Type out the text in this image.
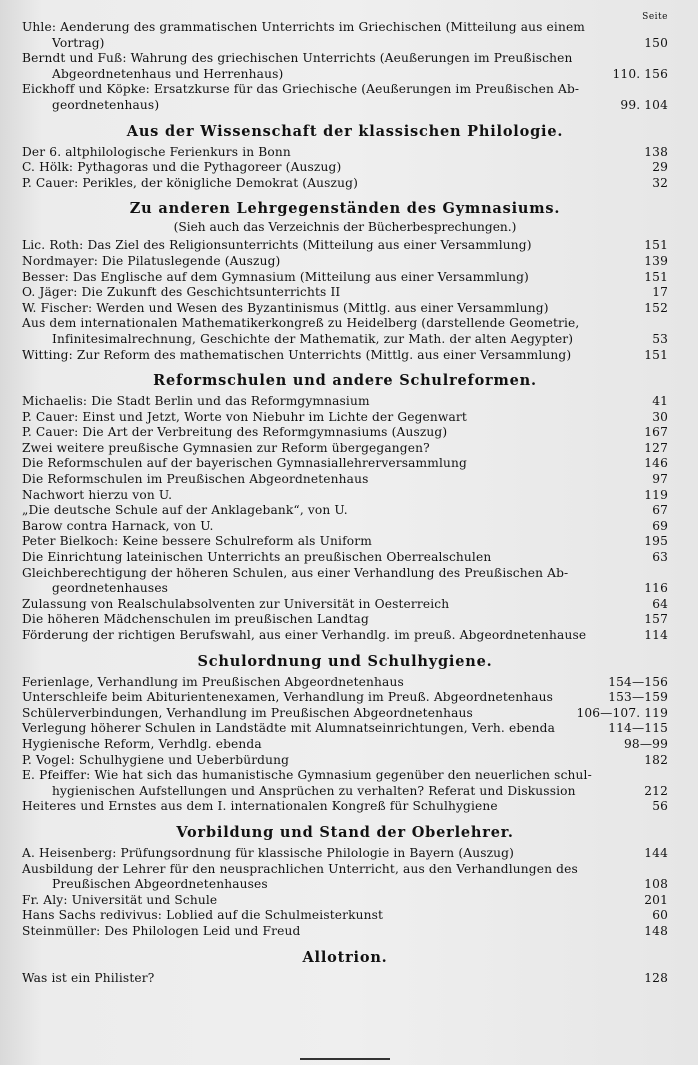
Seite
Uhle: Aenderung des grammatischen Unterrichts im Griechischen (Mitteilung aus einem
Vortrag)	150
Berndt und Fuß: Wahrung des griechischen Unterrichts (Aeußerungen im Preußischen
Abgeordnetenhaus und Herrenhaus)	110. 156
Eickhoff und Köpke: Ersatzkurse für das Griechische (Aeußerungen im Preußischen Ab-
geordnetenhaus)	99. 104
Aus der Wissenschaft der klassischen Philologie.
Der 6. altphilologische Ferienkurs in Bonn	138
C. Hölk: Pythagoras und die Pythagoreer (Auszug)	29
P. Cauer: Perikles, der königliche Demokrat (Auszug)	32
Zu anderen Lehrgegenständen des Gymnasiums.
(Sieh auch das Verzeichnis der Bücherbesprechungen.)
Lic. Roth: Das Ziel des Religionsunterrichts (Mitteilung aus einer Versammlung)	151
Nordmayer: Die Pilatuslegende (Auszug)	139
Besser: Das Englische auf dem Gymnasium (Mitteilung aus einer Versammlung)	151
O. Jäger: Die Zukunft des Geschichtsunterrichts II	17
W. Fischer: Werden und Wesen des Byzantinismus (Mittlg. aus einer Versammlung)	152
Aus dem internationalen Mathematikerkongreß zu Heidelberg (darstellende Geometrie,
Infinitesimalrechnung, Geschichte der Mathematik, zur Math. der alten Aegypter)	53
Witting: Zur Reform des mathematischen Unterrichts (Mittlg. aus einer Versammlung)	151
Reformschulen und andere Schulreformen.
Michaelis: Die Stadt Berlin und das Reformgymnasium	41
P. Cauer: Einst und Jetzt, Worte von Niebuhr im Lichte der Gegenwart	30
P. Cauer: Die Art der Verbreitung des Reformgymnasiums (Auszug)	167
Zwei weitere preußische Gymnasien zur Reform übergegangen?	127
Die Reformschulen auf der bayerischen Gymnasiallehrerversammlung	146
Die Reformschulen im Preußischen Abgeordnetenhaus	97
Nachwort hierzu von U.	119
„Die deutsche Schule auf der Anklagebank“, von U.	67
Barow contra Harnack, von U.	69
Peter Bielkoch: Keine bessere Schulreform als Uniform	195
Die Einrichtung lateinischen Unterrichts an preußischen Oberrealschulen	63
Gleichberechtigung der höheren Schulen, aus einer Verhandlung des Preußischen Ab-
geordnetenhauses	116
Zulassung von Realschulabsolventen zur Universität in Oesterreich	64
Die höheren Mädchenschulen im preußischen Landtag	157
Förderung der richtigen Berufswahl, aus einer Verhandlg. im preuß. Abgeordnetenhause	114
Schulordnung und Schulhygiene.
Ferienlage, Verhandlung im Preußischen Abgeordnetenhaus	154—156
Unterschleife beim Abiturientenexamen, Verhandlung im Preuß. Abgeordnetenhaus	153—159
Schülerverbindungen, Verhandlung im Preußischen Abgeordnetenhaus	106—107. 119
Verlegung höherer Schulen in Landstädte mit Alumnatseinrichtungen, Verh. ebenda	114—115
Hygienische Reform, Verhdlg. ebenda	98—99
P. Vogel: Schulhygiene und Ueberbürdung	182
E. Pfeiffer: Wie hat sich das humanistische Gymnasium gegenüber den neuerlichen schul-
hygienischen Aufstellungen und Ansprüchen zu verhalten? Referat und Diskussion	212
Heiteres und Ernstes aus dem I. internationalen Kongreß für Schulhygiene	56
Vorbildung und Stand der Oberlehrer.
A. Heisenberg: Prüfungsordnung für klassische Philologie in Bayern (Auszug)	144
Ausbildung der Lehrer für den neusprachlichen Unterricht, aus den Verhandlungen des
Preußischen Abgeordnetenhauses	108
Fr. Aly: Universität und Schule	201
Hans Sachs redivivus: Loblied auf die Schulmeisterkunst	60
Steinmüller: Des Philologen Leid und Freud	148
Allotrion.
Was ist ein Philister?	128
